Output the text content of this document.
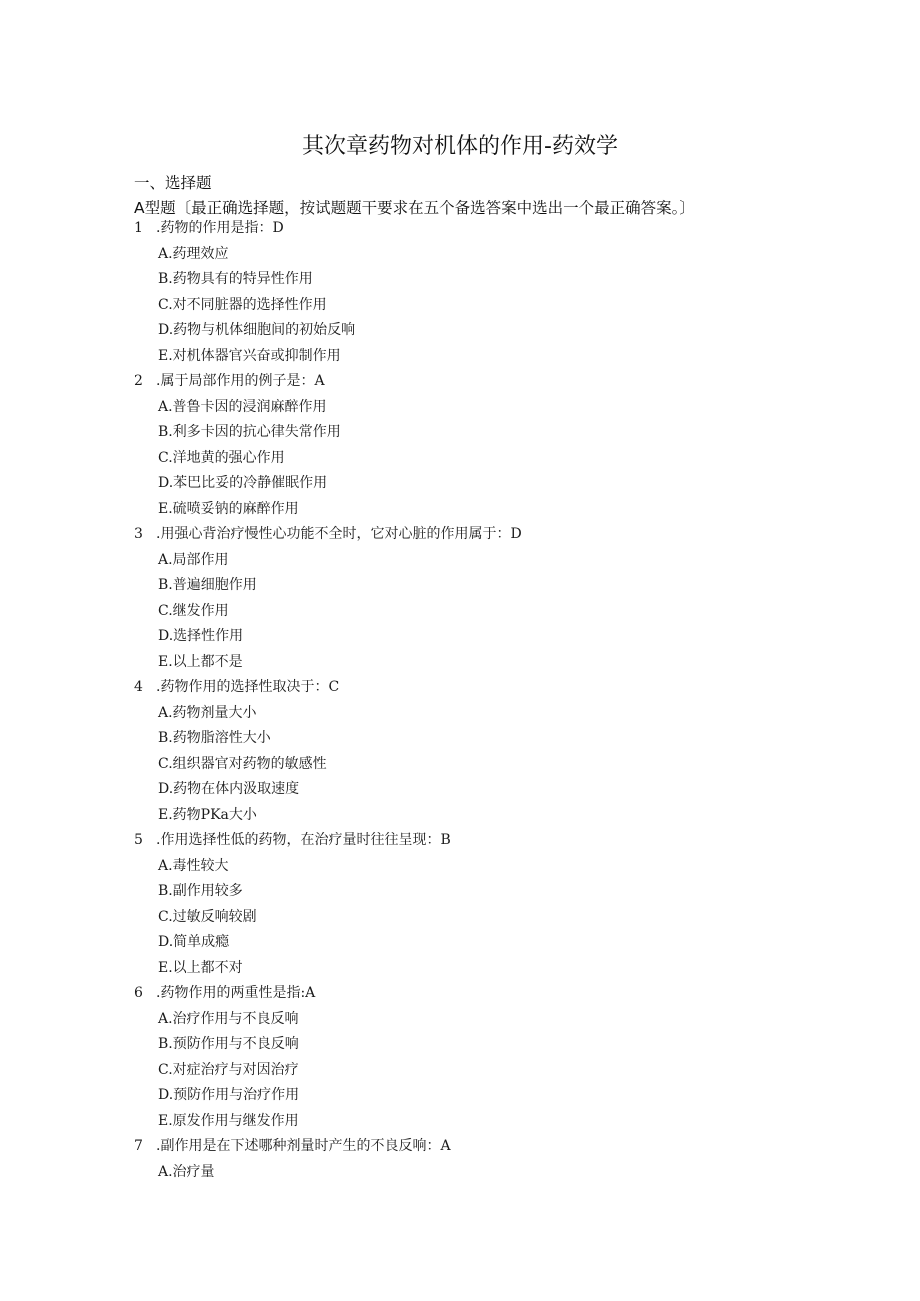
其次章药物对机体的作用-药效学
一、选择题
A型题〔最正确选择题，按试题题干要求在五个备选答案中选出一个最正确答案。〕
1 .药物的作用是指：D
A.药理效应
B.药物具有的特异性作用
C.对不同脏器的选择性作用
D.药物与机体细胞间的初始反响
E.对机体器官兴奋或抑制作用
2 .属于局部作用的例子是：A
A.普鲁卡因的浸润麻醉作用
B.利多卡因的抗心律失常作用
C.洋地黄的强心作用
D.苯巴比妥的冷静催眠作用
E.硫喷妥钠的麻醉作用
3 .用强心背治疗慢性心功能不全时，它对心脏的作用属于：D
A.局部作用
B.普遍细胞作用
C.继发作用
D.选择性作用
E.以上都不是
4 .药物作用的选择性取决于：C
A.药物剂量大小
B.药物脂溶性大小
C.组织器官对药物的敏感性
D.药物在体内汲取速度
E.药物PKa大小
5 .作用选择性低的药物，在治疗量时往往呈现：B
A.毒性较大
B.副作用较多
C.过敏反响较剧
D.简单成瘾
E.以上都不对
6 .药物作用的两重性是指:A
A.治疗作用与不良反响
B.预防作用与不良反响
C.对症治疗与对因治疗
D.预防作用与治疗作用
E.原发作用与继发作用
7 .副作用是在下述哪种剂量时产生的不良反响：A
A.治疗量
